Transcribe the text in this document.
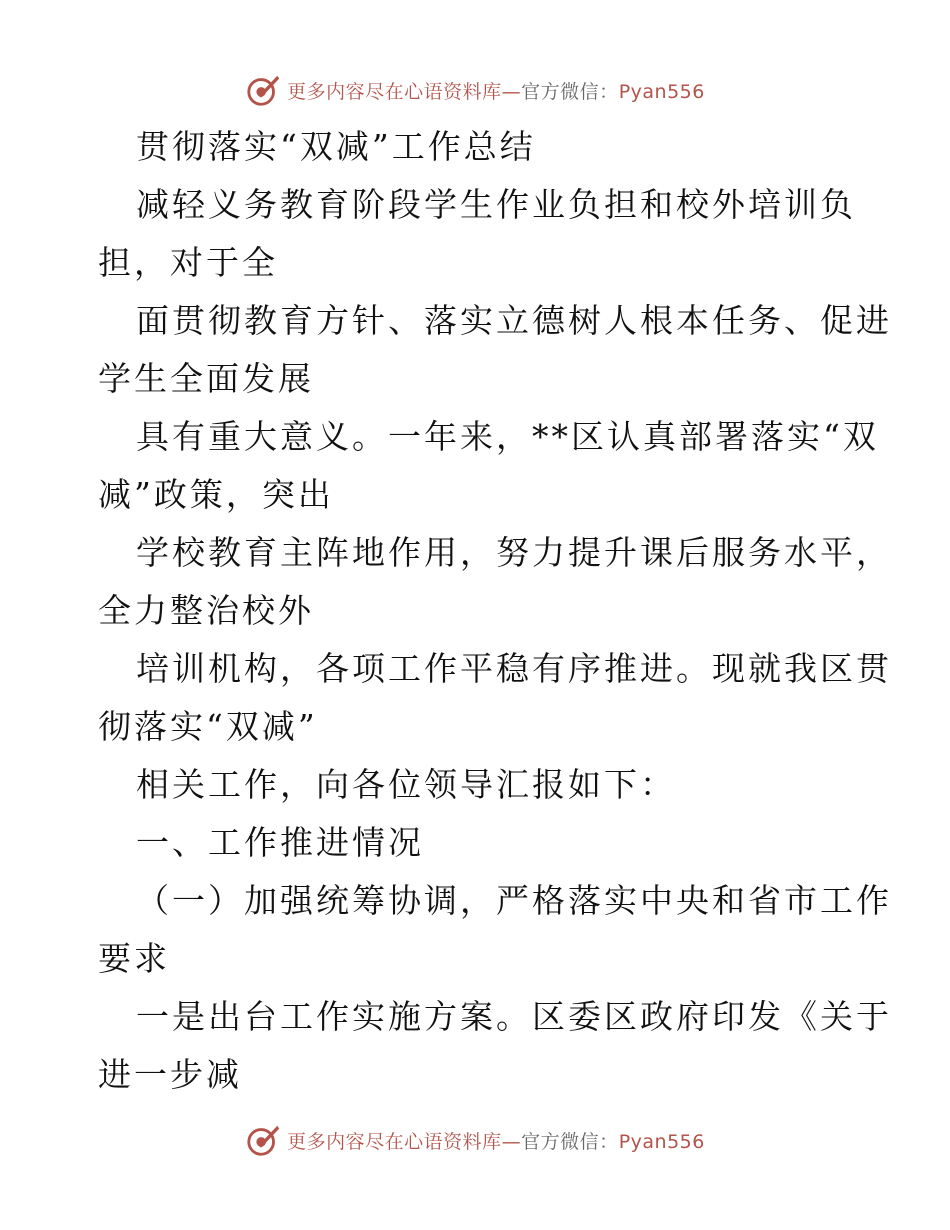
更多内容尽在心语资料库—官方微信：Pyan556
贯彻落实“双减”工作总结
减轻义务教育阶段学生作业负担和校外培训负
担，对于全
面贯彻教育方针、落实立德树人根本任务、促进
学生全面发展
具有重大意义。一年来，**区认真部署落实“双
减”政策，突出
学校教育主阵地作用，努力提升课后服务水平，
全力整治校外
培训机构，各项工作平稳有序推进。现就我区贯
彻落实“双减”
相关工作，向各位领导汇报如下：
一、工作推进情况
（一）加强统筹协调，严格落实中央和省市工作
要求
一是出台工作实施方案。区委区政府印发《关于
进一步减
更多内容尽在心语资料库—官方微信：Pyan556
